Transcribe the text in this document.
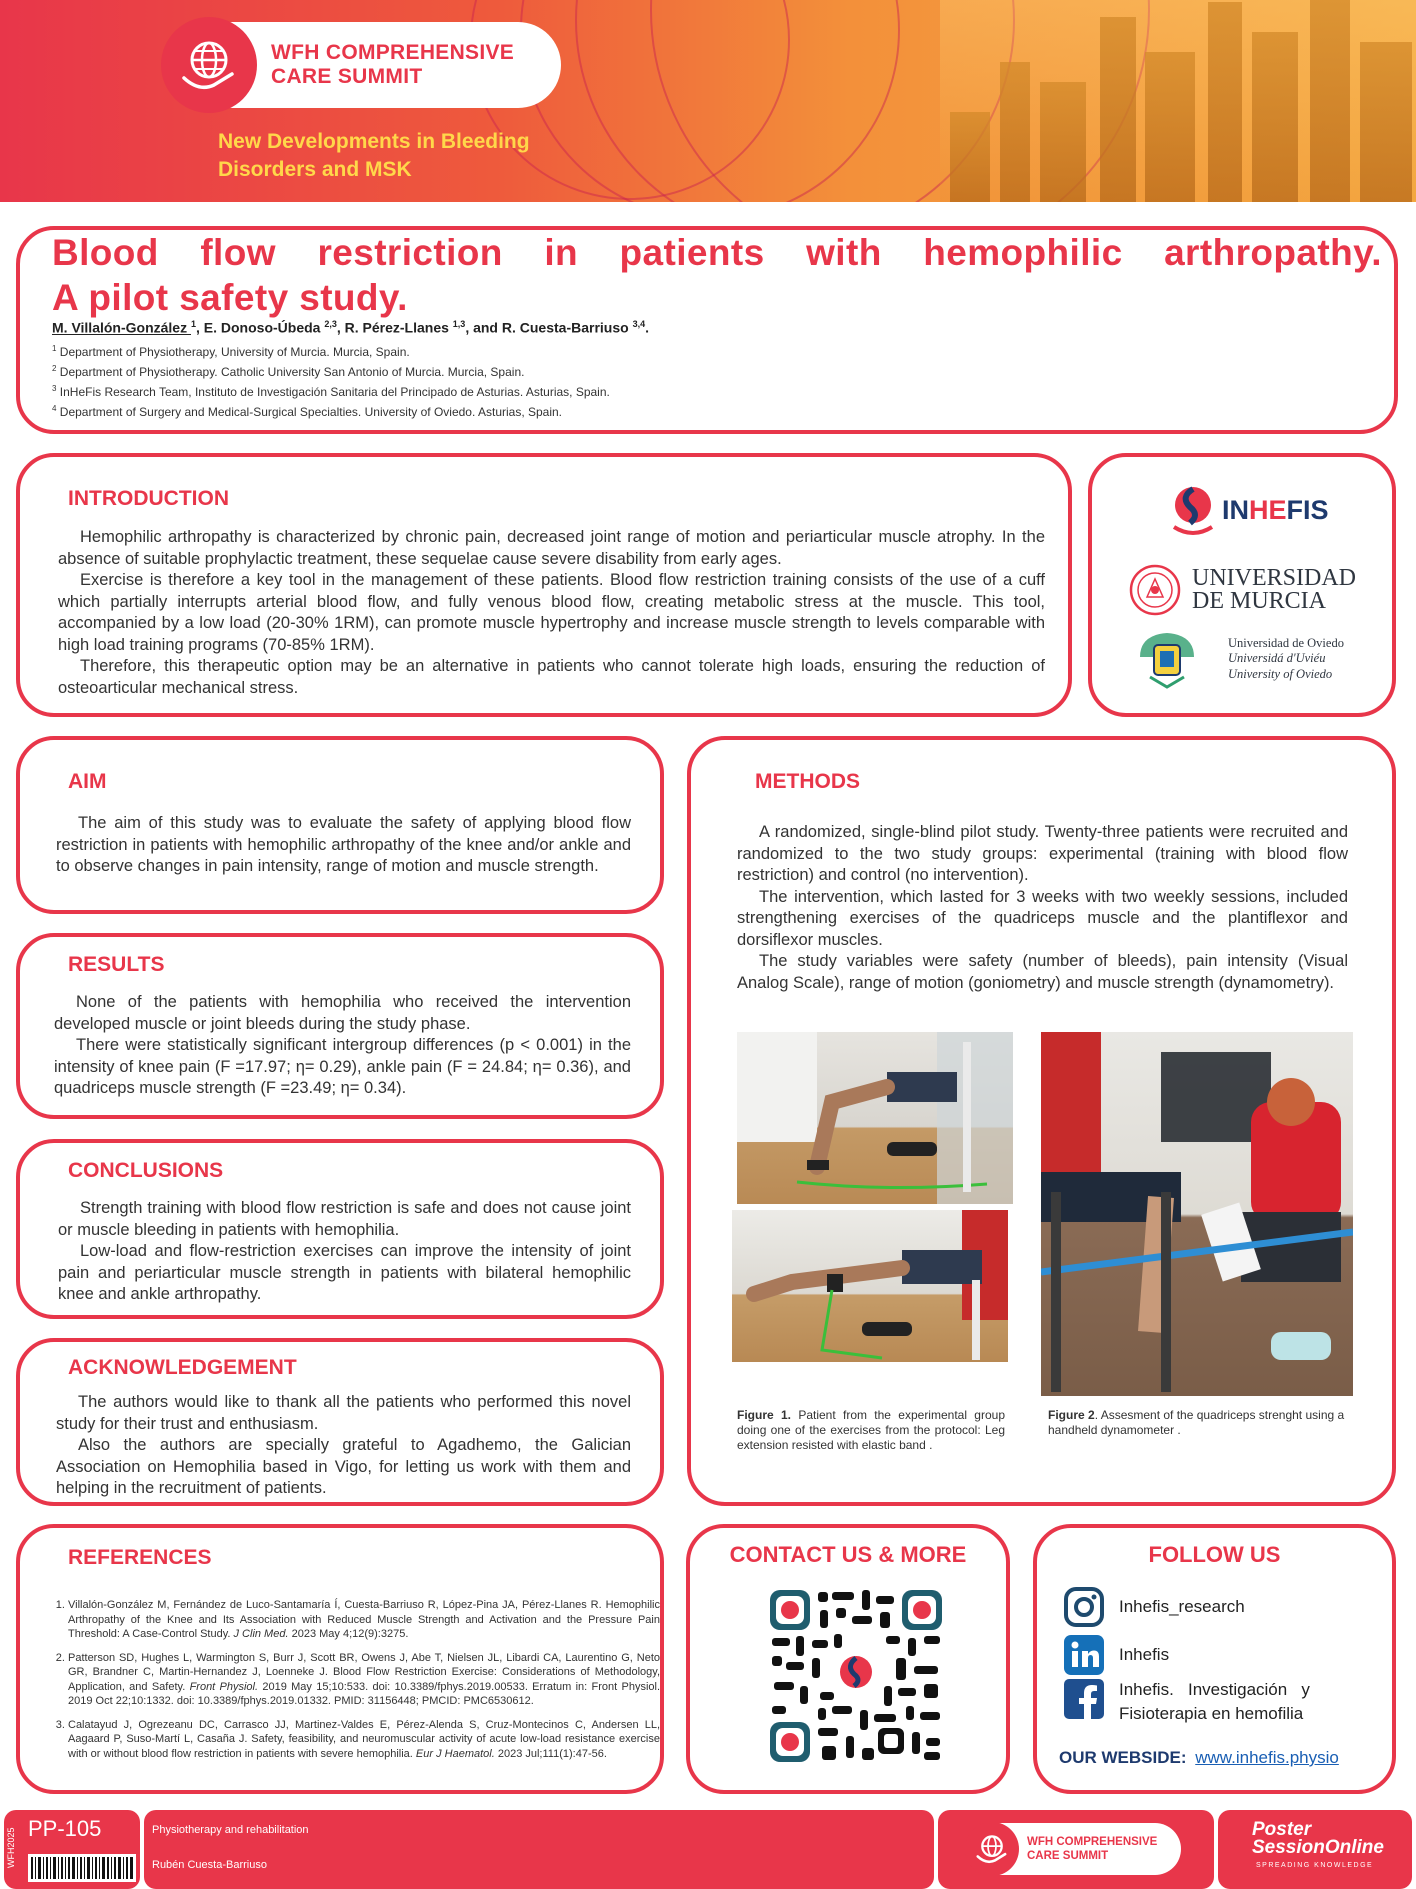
WFH COMPREHENSIVE
CARE SUMMIT
New Developments in Bleeding
Disorders and MSK
Blood flow restriction in patients with hemophilic arthropathy.
A pilot safety study.
M. Villalón-González $^1$, E. Donoso-Úbeda $^{2,3}$, R. Pérez-Llanes $^{1,3}$, and R. Cuesta-Barriuso $^{3,4}$.
$^1$ Department of Physiotherapy, University of Murcia. Murcia, Spain.
$^2$ Department of Physiotherapy. Catholic University San Antonio of Murcia. Murcia, Spain.
$^3$ InHeFis Research Team, Instituto de Investigación Sanitaria del Principado de Asturias. Asturias, Spain.
$^4$ Department of Surgery and Medical-Surgical Specialties. University of Oviedo. Asturias, Spain.
INTRODUCTION

Hemophilic arthropathy is characterized by chronic pain, decreased joint range of motion and periarticular muscle atrophy. In the absence of suitable prophylactic treatment, these sequelae cause severe disability from early ages.

Exercise is therefore a key tool in the management of these patients. Blood flow restriction training consists of the use of a cuff which partially interrupts arterial blood flow, and fully venous blood flow, creating metabolic stress at the muscle. This tool, accompanied by a low load (20-30% 1RM), can promote muscle hypertrophy and increase muscle strength to levels comparable with high load training programs (70-85% 1RM).

Therefore, this therapeutic option may be an alternative in patients who cannot tolerate high loads, ensuring the reduction of osteoarticular mechanical stress.

INHEFIS
UNIVERSIDAD
DE MURCIA
Universidad de Oviedo
Universidá d'Uviéu
University of Oviedo
AIM

The aim of this study was to evaluate the safety of applying blood flow restriction in patients with hemophilic arthropathy of the knee and/or ankle and to observe changes in pain intensity, range of motion and muscle strength.

RESULTS

None of the patients with hemophilia who received the intervention developed muscle or joint bleeds during the study phase.

There were statistically significant intergroup differences (p < 0.001) in the intensity of knee pain (F =17.97; η= 0.29), ankle pain (F = 24.84; η= 0.36), and quadriceps muscle strength (F =23.49; η= 0.34).

CONCLUSIONS

Strength training with blood flow restriction is safe and does not cause joint or muscle bleeding in patients with hemophilia.

Low-load and flow-restriction exercises can improve the intensity of joint pain and periarticular muscle strength in patients with bilateral hemophilic knee and ankle arthropathy.

ACKNOWLEDGEMENT

The authors would like to thank all the patients who performed this novel study for their trust and enthusiasm.

Also the authors are specially grateful to Agadhemo, the Galician Association on Hemophilia based in Vigo, for letting us work with them and helping in the recruitment of patients.

METHODS

A randomized, single-blind pilot study. Twenty-three patients were recruited and randomized to the two study groups: experimental (training with blood flow restriction) and control (no intervention).

The intervention, which lasted for 3 weeks with two weekly sessions, included strengthening exercises of the quadriceps muscle and the plantiflexor and dorsiflexor muscles.

The study variables were safety (number of bleeds), pain intensity (Visual Analog Scale), range of motion (goniometry) and muscle strength (dynamometry).

Figure 1. Patient from the experimental group doing one of the exercises from the protocol: Leg extension resisted with elastic band .
Figure 2. Assesment of the quadriceps strenght using a handheld dynamometer .
REFERENCES
1. Villalón-González M, Fernández de Luco-Santamaría Í, Cuesta-Barriuso R, López-Pina JA, Pérez-Llanes R. Hemophilic Arthropathy of the Knee and Its Association with Reduced Muscle Strength and Activation and the Pressure Pain Threshold: A Case-Control Study. J Clin Med. 2023 May 4;12(9):3275.
2. Patterson SD, Hughes L, Warmington S, Burr J, Scott BR, Owens J, Abe T, Nielsen JL, Libardi CA, Laurentino G, Neto GR, Brandner C, Martin-Hernandez J, Loenneke J. Blood Flow Restriction Exercise: Considerations of Methodology, Application, and Safety. Front Physiol. 2019 May 15;10:533. doi: 10.3389/fphys.2019.00533. Erratum in: Front Physiol. 2019 Oct 22;10:1332. doi: 10.3389/fphys.2019.01332. PMID: 31156448; PMCID: PMC6530612.
3. Calatayud J, Ogrezeanu DC, Carrasco JJ, Martinez-Valdes E, Pérez-Alenda S, Cruz-Montecinos C, Andersen LL, Aagaard P, Suso-Martí L, Casaña J. Safety, feasibility, and neuromuscular activity of acute low-load resistance exercise with or without blood flow restriction in patients with severe hemophilia. Eur J Haematol. 2023 Jul;111(1):47-56.
CONTACT US & MORE	FOLLOW US
Inhefis_research
Inhefis
Inhefis.   Investigación   y
Fisioterapia en hemofilia
OUR WEBSIDE: www.inhefis.physio
WFH2025 PP-105	Physiotherapy and rehabilitation
Rubén Cuesta-Barriuso
WFH COMPREHENSIVE
CARE SUMMIT
Poster
SessionOnline
SPREADING KNOWLEDGE
